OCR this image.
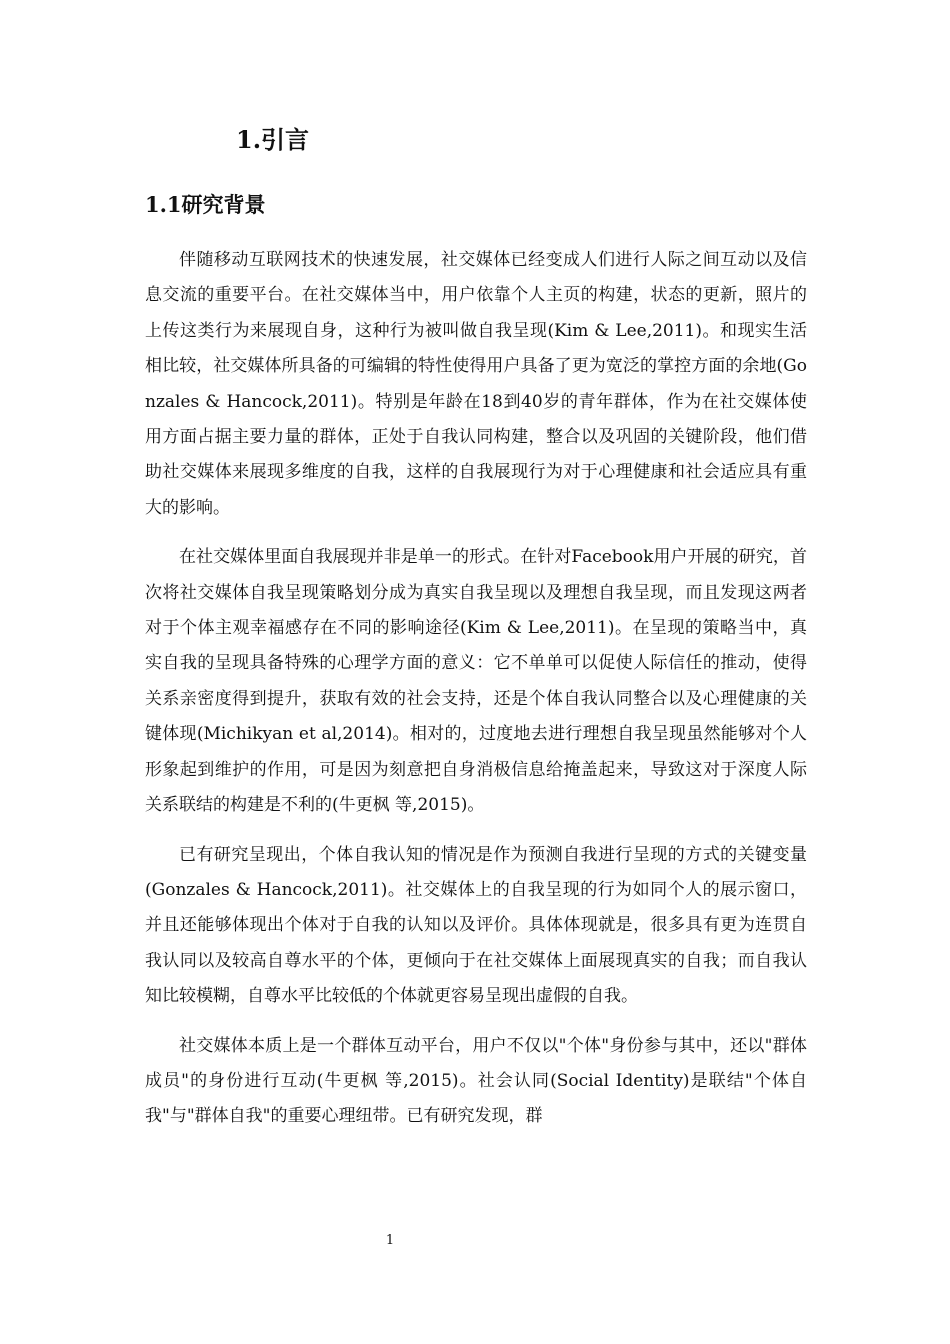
1.引言
1.1研究背景

伴随移动互联网技术的快速发展，社交媒体已经变成人们进行人际之间互动以及信息交流的重要平台。在社交媒体当中，用户依靠个人主页的构建，状态的更新，照片的上传这类行为来展现自身，这种行为被叫做自我呈现(Kim & Lee,2011)。和现实生活相比较，社交媒体所具备的可编辑的特性使得用户具备了更为宽泛的掌控方面的余地(Gonzales & Hancock,2011)。特别是年龄在18到40岁的青年群体，作为在社交媒体使用方面占据主要力量的群体，正处于自我认同构建，整合以及巩固的关键阶段，他们借助社交媒体来展现多维度的自我，这样的自我展现行为对于心理健康和社会适应具有重大的影响。

在社交媒体里面自我展现并非是单一的形式。在针对Facebook用户开展的研究，首次将社交媒体自我呈现策略划分成为真实自我呈现以及理想自我呈现，而且发现这两者对于个体主观幸福感存在不同的影响途径(Kim & Lee,2011)。在呈现的策略当中，真实自我的呈现具备特殊的心理学方面的意义：它不单单可以促使人际信任的推动，使得关系亲密度得到提升，获取有效的社会支持，还是个体自我认同整合以及心理健康的关键体现(Michikyan et al,2014)。相对的，过度地去进行理想自我呈现虽然能够对个人形象起到维护的作用，可是因为刻意把自身消极信息给掩盖起来，导致这对于深度人际关系联结的构建是不利的(牛更枫 等,2015)。

已有研究呈现出，个体自我认知的情况是作为预测自我进行呈现的方式的关键变量(Gonzales & Hancock,2011)。社交媒体上的自我呈现的行为如同个人的展示窗口，并且还能够体现出个体对于自我的认知以及评价。具体体现就是，很多具有更为连贯自我认同以及较高自尊水平的个体，更倾向于在社交媒体上面展现真实的自我；而自我认知比较模糊，自尊水平比较低的个体就更容易呈现出虚假的自我。

社交媒体本质上是一个群体互动平台，用户不仅以"个体"身份参与其中，还以"群体成员"的身份进行互动(牛更枫 等,2015)。社会认同(Social Identity)是联结"个体自我"与"群体自我"的重要心理纽带。已有研究发现，群

1
